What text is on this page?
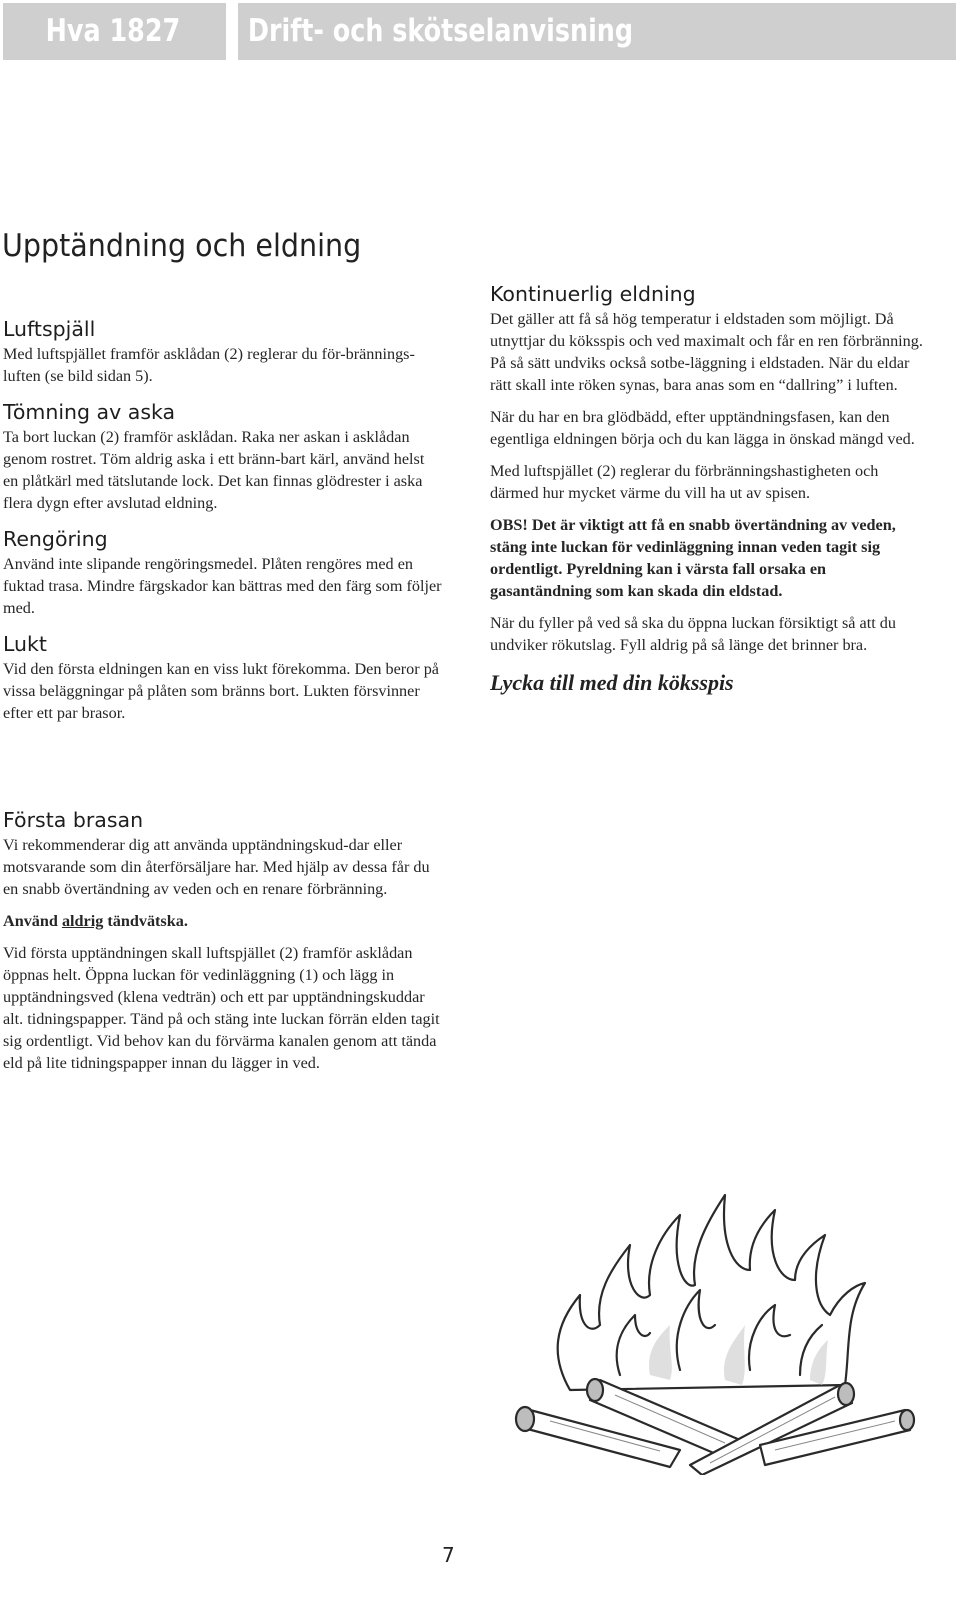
Hva 1827	Drift- och skötselanvisning
Upptändning och eldning
Luftspjäll

Med luftspjället framför asklådan (2) reglerar du för-bränningsluften (se bild sidan 5).

Tömning av aska

Ta bort luckan (2) framför asklådan. Raka ner askan i asklådan genom rostret. Töm aldrig aska i ett bränn-bart kärl, använd helst en plåtkärl med tätslutande lock. Det kan finnas glödrester i aska flera dygn efter avslutad eldning.

Rengöring

Använd inte slipande rengöringsmedel. Plåten rengöres med en fuktad trasa. Mindre färgskador kan bättras med den färg som följer med.

Lukt

Vid den första eldningen kan en viss lukt förekomma. Den beror på vissa beläggningar på plåten som bränns bort. Lukten försvinner efter ett par brasor.

Första brasan

Vi rekommenderar dig att använda upptändningskud-dar eller motsvarande som din återförsäljare har. Med hjälp av dessa får du en snabb övertändning av veden och en renare förbränning.

Använd aldrig tändvätska.

Vid första upptändningen skall luftspjället (2) framför asklådan öppnas helt. Öppna luckan för vedinläggning (1) och lägg in upptändningsved (klena vedträn) och ett par upptändningskuddar alt. tidningspapper. Tänd på och stäng inte luckan förrän elden tagit sig ordentligt. Vid behov kan du förvärma kanalen genom att tända eld på lite tidningspapper innan du lägger in ved.

Kontinuerlig eldning

Det gäller att få så hög temperatur i eldstaden som möjligt. Då utnyttjar du köksspis och ved maximalt och får en ren förbränning. På så sätt undviks också sotbe-läggning i eldstaden. När du eldar rätt skall inte röken synas, bara anas som en “dallring” i luften.

När du har en bra glödbädd, efter upptändningsfasen, kan den egentliga eldningen börja och du kan lägga in önskad mängd ved.

Med luftspjället (2) reglerar du förbränningshastigheten och därmed hur mycket värme du vill ha ut av spisen.

OBS! Det är viktigt att få en snabb övertändning av veden, stäng inte luckan för vedinläggning innan veden tagit sig ordentligt. Pyreldning kan i värsta fall orsaka en gasantändning som kan skada din eldstad.

När du fyller på ved så ska du öppna luckan försiktigt så att du undviker rökutslag. Fyll aldrig på så länge det brinner bra.

Lycka till med din köksspis
7
